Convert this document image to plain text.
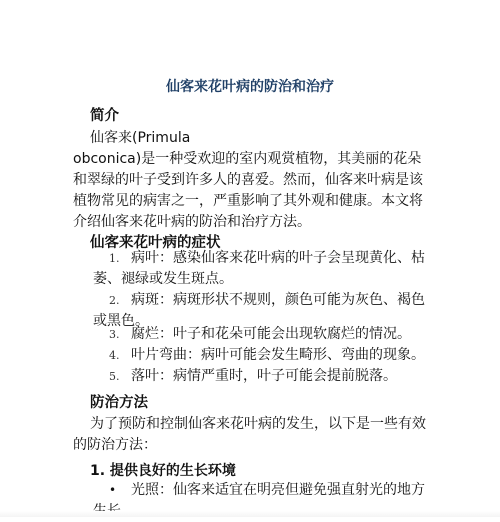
仙客来花叶病的防治和治疗
简介
仙客来(Primula
obconica)是一种受欢迎的室内观赏植物，其美丽的花朵和翠绿的叶子受到许多人的喜爱。然而，仙客来叶病是该植物常见的病害之一，严重影响了其外观和健康。本文将介绍仙客来花叶病的防治和治疗方法。
仙客来花叶病的症状
1. 病叶：感染仙客来花叶病的叶子会呈现黄化、枯萎、褪绿或发生斑点。
2. 病斑：病斑形状不规则，颜色可能为灰色、褐色或黑色。
3. 腐烂：叶子和花朵可能会出现软腐烂的情况。
4. 叶片弯曲：病叶可能会发生畸形、弯曲的现象。
5. 落叶：病情严重时，叶子可能会提前脱落。
防治方法
为了预防和控制仙客来花叶病的发生，以下是一些有效的防治方法：
1. 提供良好的生长环境
• 光照：仙客来适宜在明亮但避免强直射光的地方
